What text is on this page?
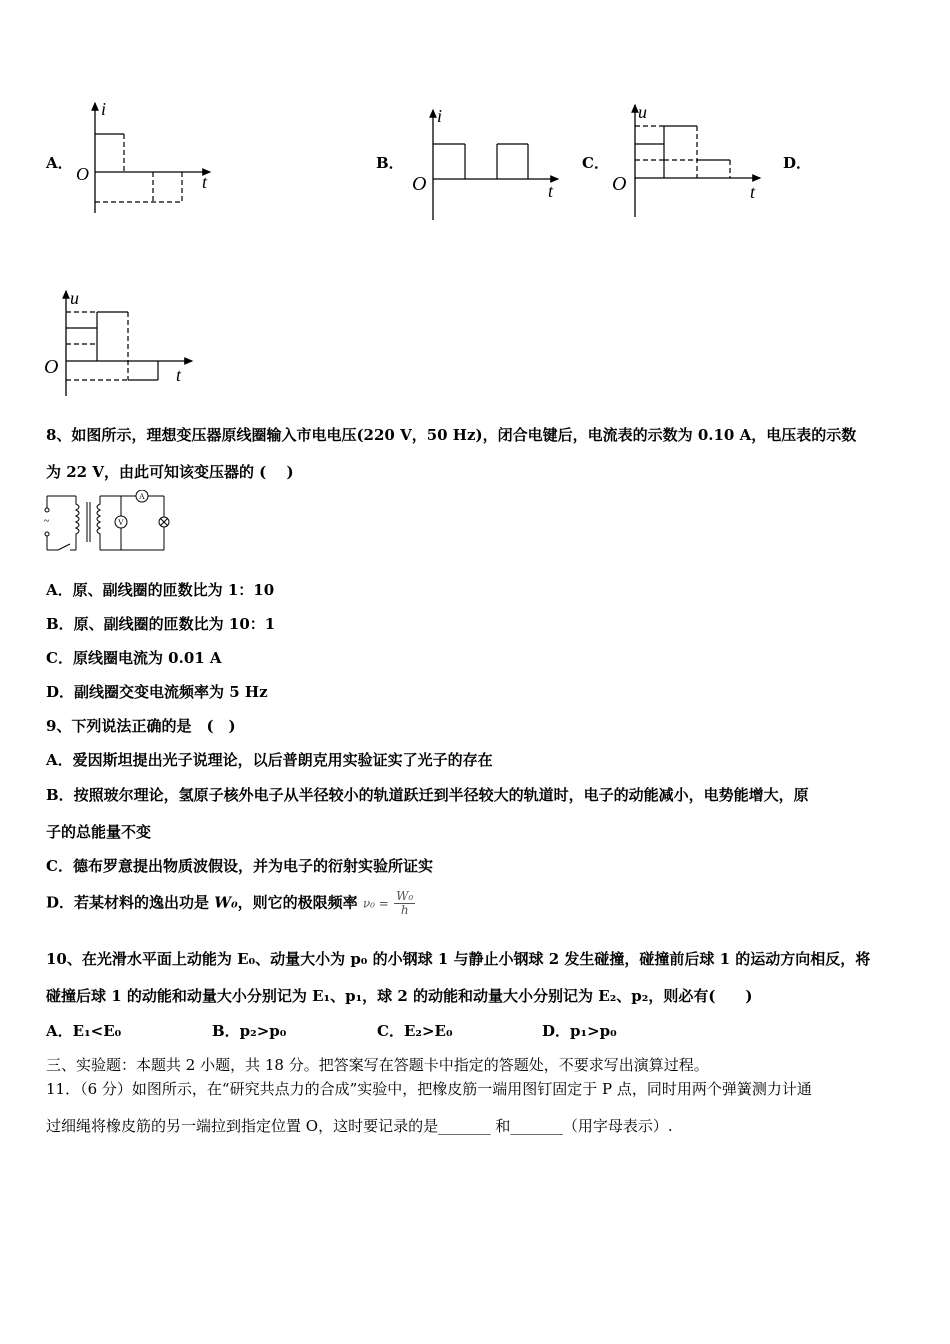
A．	B．	C．	D．
i
O	t
i
O	t
u
O	t
u
O	t
8、如图所示，理想变压器原线圈输入市电电压(220 V，50 Hz)，闭合电键后，电流表的示数为 0.10 A，电压表的示数
为 22 V，由此可知该变压器的 (　 )
~	V
A
A．原、副线圈的匝数比为 1：10
B．原、副线圈的匝数比为 10：1
C．原线圈电流为 0.01 A
D．副线圈交变电流频率为 5 Hz
9、下列说法正确的是　(　)
A．爱因斯坦提出光子说理论，以后普朗克用实验证实了光子的存在
B．按照玻尔理论，氢原子核外电子从半径较小的轨道跃迁到半径较大的轨道时，电子的动能减小，电势能增大，原
子的总能量不变
C．德布罗意提出物质波假设，并为电子的衍射实验所证实
D．若某材料的逸出功是 W₀，则它的极限频率 $\nu_0 = \frac{\text{W₀}}{h}$
10、在光滑水平面上动能为 E₀、动量大小为 p₀ 的小钢球 1 与静止小钢球 2 发生碰撞，碰撞前后球 1 的运动方向相反，将
碰撞后球 1 的动能和动量大小分别记为 E₁、p₁，球 2 的动能和动量大小分别记为 E₂、p₂，则必有(　　)
A．E₁<E₀	B．p₂>p₀	C．E₂>E₀	D．p₁>p₀
三、实验题：本题共 2 小题，共 18 分。把答案写在答题卡中指定的答题处，不要求写出演算过程。
11．（6 分）如图所示，在“研究共点力的合成”实验中，把橡皮筋一端用图钉固定于 P 点，同时用两个弹簧测力计通
过细绳将橡皮筋的另一端拉到指定位置 O，这时要记录的是_______ 和_______（用字母表示）.
